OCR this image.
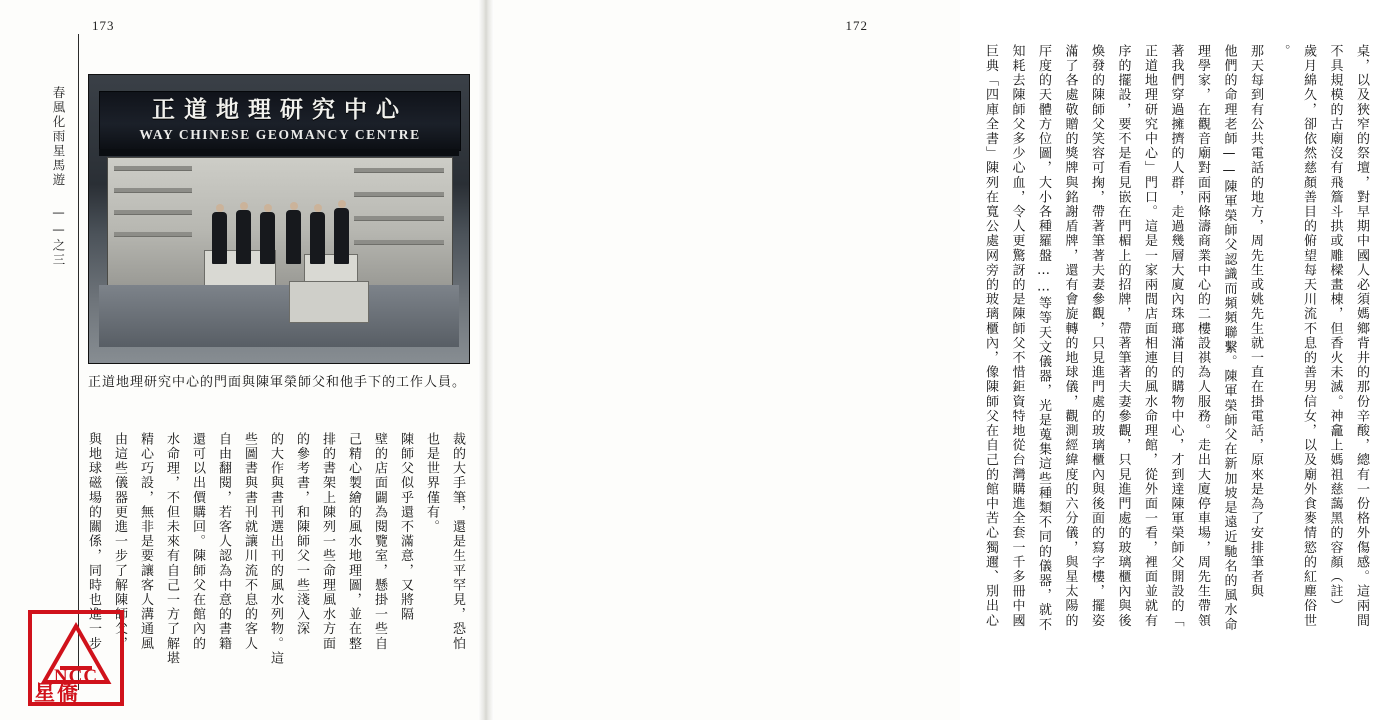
173
春風化雨星馬遊 ——之三	正道地理研究中心
WAY CHINESE GEOMANCY CENTRE
正道地理研究中心的門面與陳軍榮師父和他手下的工作人員。
裁的大手筆，還是生平罕見，恐怕
也是世界僅有。
陳師父似乎還不滿意，又將隔
壁的店面闢為閱覽室，懸掛一些自
己精心製繪的風水地理圖，並在整
排的書架上陳列一些命理風水方面
的參考書，和陳師父一些淺入深
的大作與書刊選出刊的風水列物。這
些圖書與書刊就讓川流不息的客人
自由翻閱，若客人認為中意的書籍
還可以出價購回。陳師父在館內的
水命理，不但未來有自己一方了解堪
精心巧設，無非是要讓客人溝通風
由這些儀器更進一步了解陳師父，
與地球磁場的關係，同時也進一步
NCC
星僑
172
桌，以及狹窄的祭壇，對早期中國人必須媽鄉背井的那份辛酸，總有一份格外傷感。這兩間
不具規模的古廟沒有飛簷斗拱或雕樑畫棟，但香火未滅。神龕上媽祖慈藹黑的容顏（註）
歲月綿久，卻依然慈顏善目的俯望每天川流不息的善男信女，以及廟外食麥情慾的紅塵俗世
。
那天每到有公共電話的地方，周先生或姚先生就一直在掛電話，原來是為了安排筆者與
他們的命理老師——陳軍榮師父認識而頻頻聯繫。陳軍榮師父在新加坡是遠近馳名的風水命
理學家，在觀音廟對面兩條濤商業中心的二樓設祺為人服務。走出大廈停車場，周先生帶領
著我們穿過擁擠的人群，走過幾層大廈內珠瑯滿目的購物中心，才到達陳軍榮師父開設的「
正道地理研究中心」門口。這是一家兩間店面相連的風水命理館，從外面一看，裡面並就有
序的擺設，要不是看見嵌在門楣上的招牌，帶著筆著夫妻參觀，只見進門處的玻璃櫃內與後
煥發的陳師父笑容可掬，帶著筆著夫妻參觀，只見進門處的玻璃櫃內與後面的寫字樓，擺姿
滿了各處敬贈的獎牌與銘謝盾牌，還有會旋轉的地球儀，觀測經緯度的六分儀，與星太陽的
厈度的天體方位圖，大小各種羅盤……等等天文儀器，光是蒐集這些種類不同的儀器，就不
知耗去陳師父多少心血，令人更驚訝的是陳師父不惜鉅資特地從台灣購進全套一千多冊中國
巨典「四庫全書」陳列在寬公處网旁的玻璃櫃內，像陳師父在自己的館中苦心獨邇、別出心
